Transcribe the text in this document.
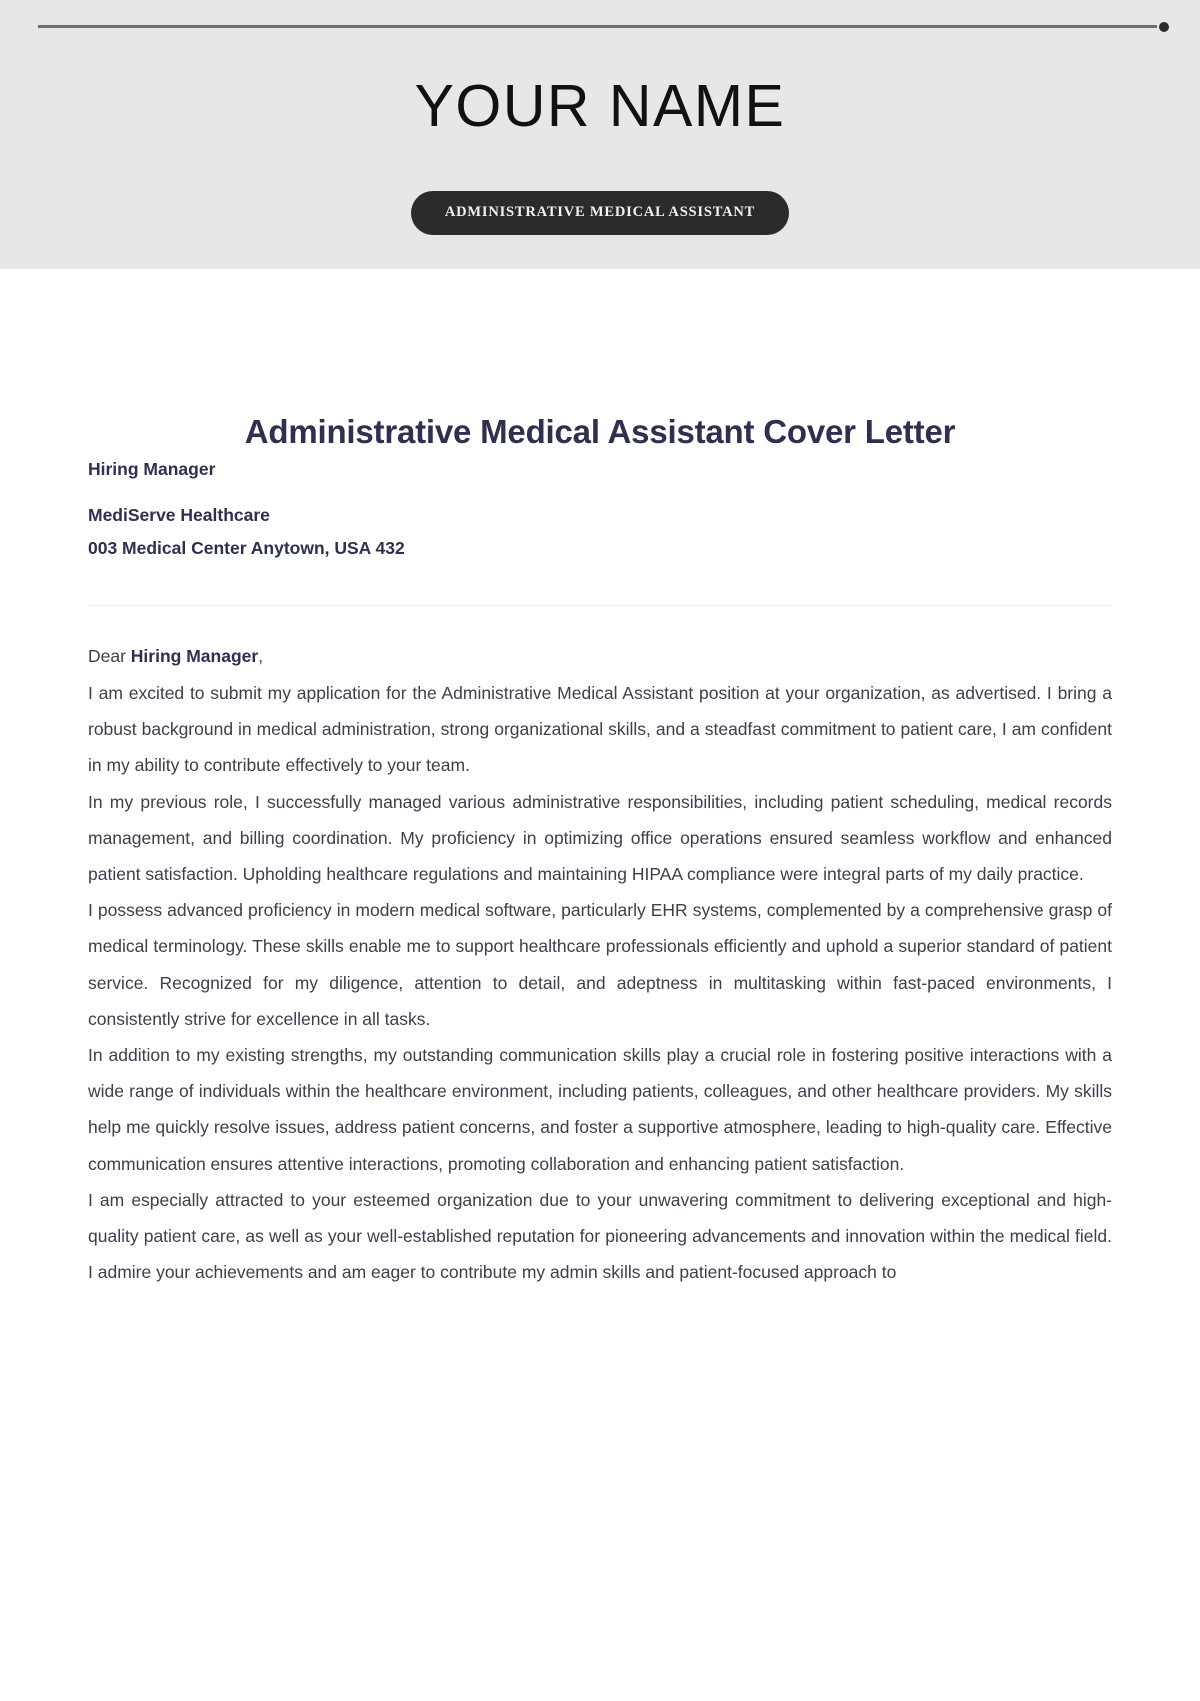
YOUR NAME
ADMINISTRATIVE MEDICAL ASSISTANT
Administrative Medical Assistant Cover Letter
Hiring Manager
MediServe Healthcare
003 Medical Center Anytown, USA 432
Dear Hiring Manager,

I am excited to submit my application for the Administrative Medical Assistant position at your organization, as advertised. I bring a robust background in medical administration, strong organizational skills, and a steadfast commitment to patient care, I am confident in my ability to contribute effectively to your team.

In my previous role, I successfully managed various administrative responsibilities, including patient scheduling, medical records management, and billing coordination. My proficiency in optimizing office operations ensured seamless workflow and enhanced patient satisfaction. Upholding healthcare regulations and maintaining HIPAA compliance were integral parts of my daily practice.

I possess advanced proficiency in modern medical software, particularly EHR systems, complemented by a comprehensive grasp of medical terminology. These skills enable me to support healthcare professionals efficiently and uphold a superior standard of patient service. Recognized for my diligence, attention to detail, and adeptness in multitasking within fast-paced environments, I consistently strive for excellence in all tasks.

In addition to my existing strengths, my outstanding communication skills play a crucial role in fostering positive interactions with a wide range of individuals within the healthcare environment, including patients, colleagues, and other healthcare providers. My skills help me quickly resolve issues, address patient concerns, and foster a supportive atmosphere, leading to high-quality care. Effective communication ensures attentive interactions, promoting collaboration and enhancing patient satisfaction.

I am especially attracted to your esteemed organization due to your unwavering commitment to delivering exceptional and high-quality patient care, as well as your well-established reputation for pioneering advancements and innovation within the medical field. I admire your achievements and am eager to contribute my admin skills and patient-focused approach to
